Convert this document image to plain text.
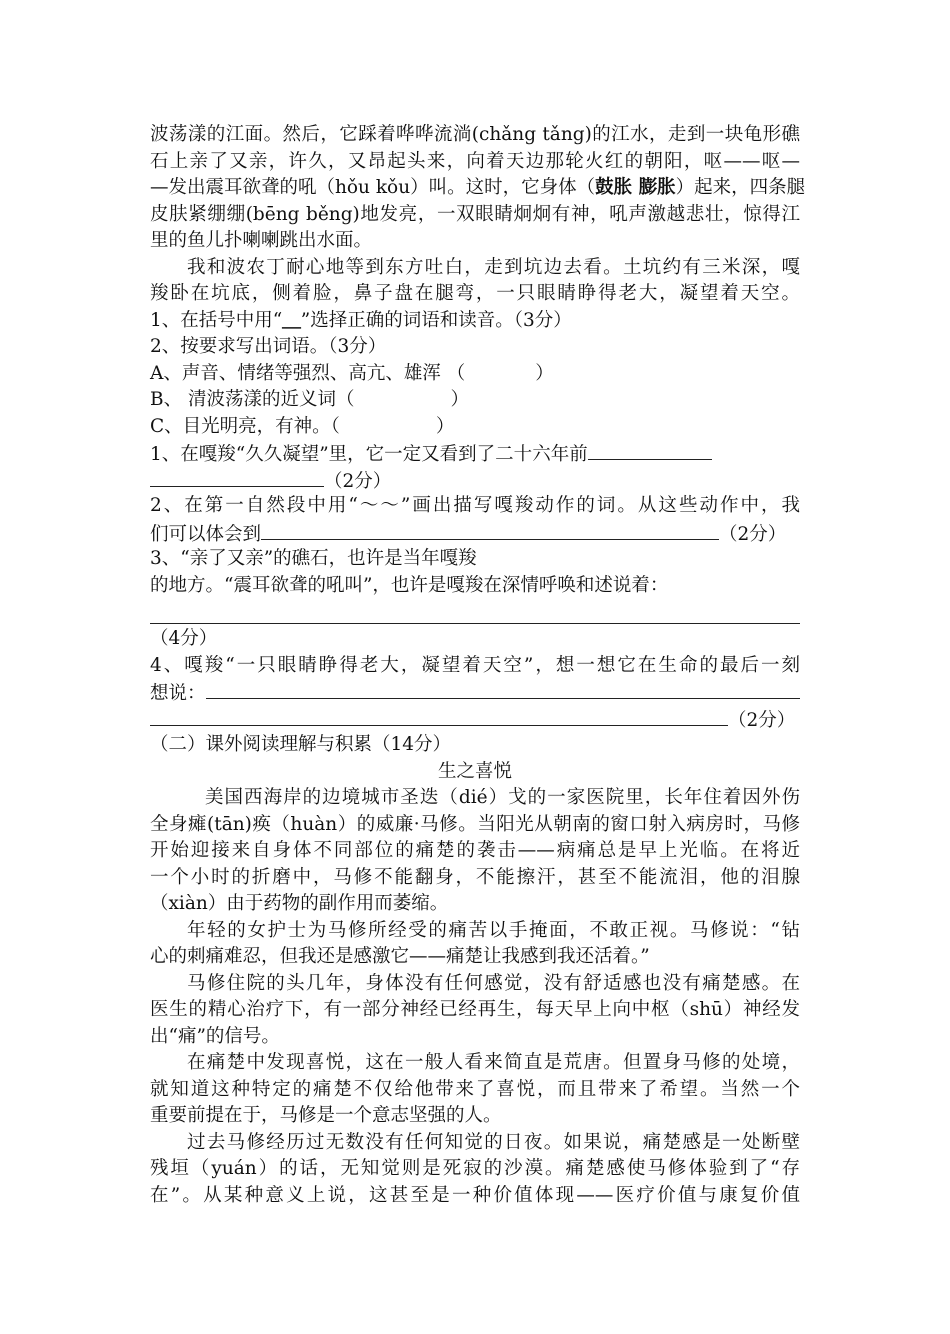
波荡漾的江面。然后，它踩着哗哗流淌(chǎng tǎng)的江水，走到一块龟形礁
石上亲了又亲，许久，又昂起头来，向着天边那轮火红的朝阳，呕——呕—
—发出震耳欲聋的吼（hǒu kǒu）叫。这时，它身体（鼓胀 膨胀）起来，四条腿
皮肤紧绷绷(bēng běng)地发亮，一双眼睛炯炯有神，吼声激越悲壮，惊得江
里的鱼儿扑喇喇跳出水面。
我和波农丁耐心地等到东方吐白，走到坑边去看。土坑约有三米深，嘎
羧卧在坑底，侧着脸，鼻子盘在腿弯，一只眼睛睁得老大，凝望着天空。
1、在括号中用“＿”选择正确的词语和读音。（3分）
2、按要求写出词语。（3分）
A、声音、情绪等强烈、高亢、雄浑 （	）
B、 清波荡漾的近义词（	）
C、目光明亮，有神。（	）
1、在嘎羧“久久凝望”里，它一定又看到了二十六年前
（2分）
2、在第一自然段中用“～～”画出描写嘎羧动作的词。从这些动作中，我
们可以体会到	（2分）
3、“亲了又亲”的礁石，也许是当年嘎羧
的地方。“震耳欲聋的吼叫”，也许是嘎羧在深情呼唤和述说着：
（4分）
4、嘎羧“一只眼睛睁得老大，凝望着天空”，想一想它在生命的最后一刻
想说：
（2分）
（二）课外阅读理解与积累（14分）
生之喜悦
美国西海岸的边境城市圣迭（dié）戈的一家医院里，长年住着因外伤
全身瘫(tān)痪（huàn）的威廉·马修。当阳光从朝南的窗口射入病房时，马修
开始迎接来自身体不同部位的痛楚的袭击——病痛总是早上光临。在将近
一个小时的折磨中，马修不能翻身，不能擦汗，甚至不能流泪，他的泪腺
（xiàn）由于药物的副作用而萎缩。
年轻的女护士为马修所经受的痛苦以手掩面，不敢正视。马修说：“钻
心的刺痛难忍，但我还是感激它——痛楚让我感到我还活着。”
马修住院的头几年，身体没有任何感觉，没有舒适感也没有痛楚感。在
医生的精心治疗下，有一部分神经已经再生，每天早上向中枢（shū）神经发
出“痛”的信号。
在痛楚中发现喜悦，这在一般人看来简直是荒唐。但置身马修的处境，
就知道这种特定的痛楚不仅给他带来了喜悦，而且带来了希望。当然一个
重要前提在于，马修是一个意志坚强的人。
过去马修经历过无数没有任何知觉的日夜。如果说，痛楚感是一处断壁
残垣（yuán）的话，无知觉则是死寂的沙漠。痛楚感使马修体验到了“存
在”。从某种意义上说，这甚至是一种价值体现——医疗价值与康复价值
